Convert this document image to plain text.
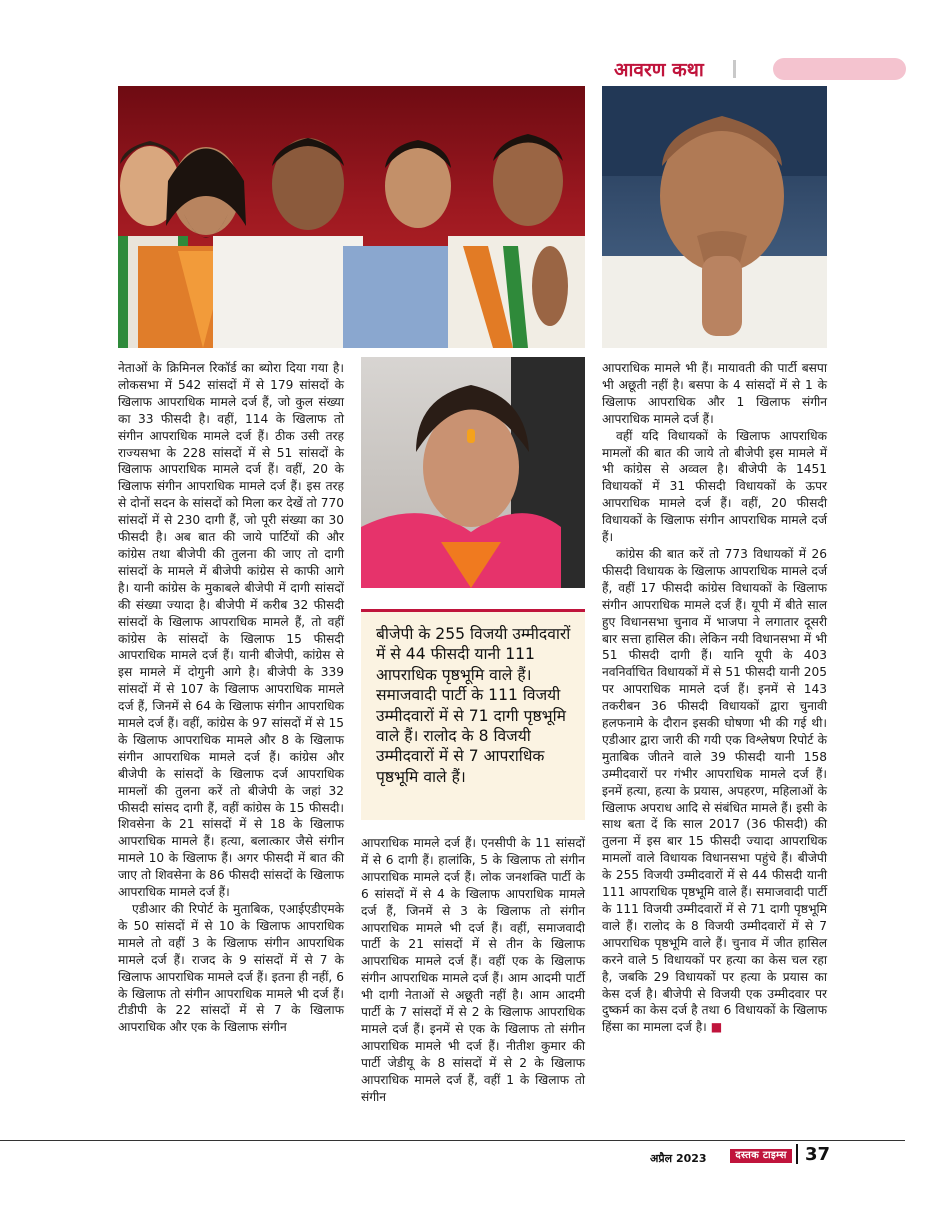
आवरण कथा

नेताओं के क्रिमिनल रिकॉर्ड का ब्योरा दिया गया है। लोकसभा में 542 सांसदों में से 179 सांसदों के खिलाफ आपराधिक मामले दर्ज हैं, जो कुल संख्या का 33 फीसदी है। वहीं, 114 के खिलाफ तो संगीन आपराधिक मामले दर्ज हैं। ठीक उसी तरह राज्यसभा के 228 सांसदों में से 51 सांसदों के खिलाफ आपराधिक मामले दर्ज हैं। वहीं, 20 के खिलाफ संगीन आपराधिक मामले दर्ज हैं। इस तरह से दोनों सदन के सांसदों को मिला कर देखें तो 770 सांसदों में से 230 दागी हैं, जो पूरी संख्या का 30 फीसदी है। अब बात की जाये पार्टियों की और कांग्रेस तथा बीजेपी की तुलना की जाए तो दागी सांसदों के मामले में बीजेपी कांग्रेस से काफी आगे है। यानी कांग्रेस के मुकाबले बीजेपी में दागी सांसदों की संख्या ज्यादा है। बीजेपी में करीब 32 फीसदी सांसदों के खिलाफ आपराधिक मामले हैं, तो वहीं कांग्रेस के सांसदों के खिलाफ 15 फीसदी आपराधिक मामले दर्ज हैं। यानी बीजेपी, कांग्रेस से इस मामले में दोगुनी आगे है। बीजेपी के 339 सांसदों में से 107 के खिलाफ आपराधिक मामले दर्ज हैं, जिनमें से 64 के खिलाफ संगीन आपराधिक मामले दर्ज हैं। वहीं, कांग्रेस के 97 सांसदों में से 15 के खिलाफ आपराधिक मामले और 8 के खिलाफ संगीन आपराधिक मामले दर्ज हैं। कांग्रेस और बीजेपी के सांसदों के खिलाफ दर्ज आपराधिक मामलों की तुलना करें तो बीजेपी के जहां 32 फीसदी सांसद दागी हैं, वहीं कांग्रेस के 15 फीसदी। शिवसेना के 21 सांसदों में से 18 के खिलाफ आपराधिक मामले हैं। हत्या, बलात्कार जैसे संगीन मामले 10 के खिलाफ हैं। अगर फीसदी में बात की जाए तो शिवसेना के 86 फीसदी सांसदों के खिलाफ आपराधिक मामले दर्ज हैं।

एडीआर की रिपोर्ट के मुताबिक, एआईएडीएमके के 50 सांसदों में से 10 के खिलाफ आपराधिक मामले तो वहीं 3 के खिलाफ संगीन आपराधिक मामले दर्ज हैं। राजद के 9 सांसदों में से 7 के खिलाफ आपराधिक मामले दर्ज हैं। इतना ही नहीं, 6 के खिलाफ तो संगीन आपराधिक मामले भी दर्ज हैं। टीडीपी के 22 सांसदों में से 7 के खिलाफ आपराधिक और एक के खिलाफ संगीन

बीजेपी के 255 विजयी उम्मीदवारों में से 44 फीसदी यानी 111 आपराधिक पृष्ठभूमि वाले हैं। समाजवादी पार्टी के 111 विजयी उम्मीदवारों में से 71 दागी पृष्ठभूमि वाले हैं। रालोद के 8 विजयी उम्मीदवारों में से 7 आपराधिक पृष्ठभूमि वाले हैं।

आपराधिक मामले दर्ज हैं। एनसीपी के 11 सांसदों में से 6 दागी हैं। हालांकि, 5 के खिलाफ तो संगीन आपराधिक मामले दर्ज हैं। लोक जनशक्ति पार्टी के 6 सांसदों में से 4 के खिलाफ आपराधिक मामले दर्ज हैं, जिनमें से 3 के खिलाफ तो संगीन आपराधिक मामले भी दर्ज हैं। वहीं, समाजवादी पार्टी के 21 सांसदों में से तीन के खिलाफ आपराधिक मामले दर्ज हैं। वहीं एक के खिलाफ संगीन आपराधिक मामले दर्ज हैं। आम आदमी पार्टी भी दागी नेताओं से अछूती नहीं है। आम आदमी पार्टी के 7 सांसदों में से 2 के खिलाफ आपराधिक मामले दर्ज हैं। इनमें से एक के खिलाफ तो संगीन आपराधिक मामले भी दर्ज हैं। नीतीश कुमार की पार्टी जेडीयू के 8 सांसदों में से 2 के खिलाफ आपराधिक मामले दर्ज हैं, वहीं 1 के खिलाफ तो संगीन

आपराधिक मामले भी हैं। मायावती की पार्टी बसपा भी अछूती नहीं है। बसपा के 4 सांसदों में से 1 के खिलाफ आपराधिक और 1 खिलाफ संगीन आपराधिक मामले दर्ज हैं।

वहीं यदि विधायकों के खिलाफ आपराधिक मामलों की बात की जाये तो बीजेपी इस मामले में भी कांग्रेस से अव्वल है। बीजेपी के 1451 विधायकों में 31 फीसदी विधायकों के ऊपर आपराधिक मामले दर्ज हैं। वहीं, 20 फीसदी विधायकों के खिलाफ संगीन आपराधिक मामले दर्ज हैं।

कांग्रेस की बात करें तो 773 विधायकों में 26 फीसदी विधायक के खिलाफ आपराधिक मामले दर्ज हैं, वहीं 17 फीसदी कांग्रेस विधायकों के खिलाफ संगीन आपराधिक मामले दर्ज हैं। यूपी में बीते साल हुए विधानसभा चुनाव में भाजपा ने लगातार दूसरी बार सत्ता हासिल की। लेकिन नयी विधानसभा में भी 51 फीसदी दागी हैं। यानि यूपी के 403 नवनिर्वाचित विधायकों में से 51 फीसदी यानी 205 पर आपराधिक मामले दर्ज हैं। इनमें से 143 तकरीबन 36 फीसदी विधायकों द्वारा चुनावी हलफनामे के दौरान इसकी घोषणा भी की गई थी। एडीआर द्वारा जारी की गयी एक विश्लेषण रिपोर्ट के मुताबिक जीतने वाले 39 फीसदी यानी 158 उम्मीदवारों पर गंभीर आपराधिक मामले दर्ज हैं। इनमें हत्या, हत्या के प्रयास, अपहरण, महिलाओं के खिलाफ अपराध आदि से संबंधित मामले हैं। इसी के साथ बता दें कि साल 2017 (36 फीसदी) की तुलना में इस बार 15 फीसदी ज्यादा आपराधिक मामलों वाले विधायक विधानसभा पहुंचे हैं। बीजेपी के 255 विजयी उम्मीदवारों में से 44 फीसदी यानी 111 आपराधिक पृष्ठभूमि वाले हैं। समाजवादी पार्टी के 111 विजयी उम्मीदवारों में से 71 दागी पृष्ठभूमि वाले हैं। रालोद के 8 विजयी उम्मीदवारों में से 7 आपराधिक पृष्ठभूमि वाले हैं। चुनाव में जीत हासिल करने वाले 5 विधायकों पर हत्या का केस चल रहा है, जबकि 29 विधायकों पर हत्या के प्रयास का केस दर्ज है। बीजेपी से विजयी एक उम्मीदवार पर दुष्कर्म का केस दर्ज है तथा 6 विधायकों के खिलाफ हिंसा का मामला दर्ज है। ■

अप्रैल 2023	दस्तक टाइम्स 37
